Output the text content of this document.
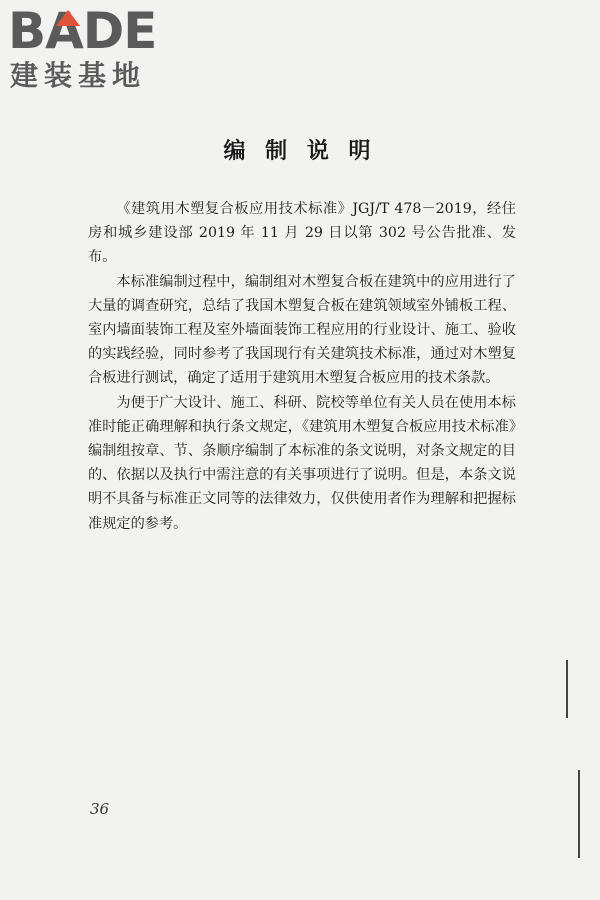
BADE
建装基地
编 制 说 明

《建筑用木塑复合板应用技术标准》JGJ/T 478－2019，经住房和城乡建设部 2019 年 11 月 29 日以第 302 号公告批准、发布。

本标准编制过程中，编制组对木塑复合板在建筑中的应用进行了大量的调查研究，总结了我国木塑复合板在建筑领域室外铺板工程、室内墙面装饰工程及室外墙面装饰工程应用的行业设计、施工、验收的实践经验，同时参考了我国现行有关建筑技术标准，通过对木塑复合板进行测试，确定了适用于建筑用木塑复合板应用的技术条款。

为便于广大设计、施工、科研、院校等单位有关人员在使用本标准时能正确理解和执行条文规定，《建筑用木塑复合板应用技术标准》编制组按章、节、条顺序编制了本标准的条文说明，对条文规定的目的、依据以及执行中需注意的有关事项进行了说明。但是，本条文说明不具备与标准正文同等的法律效力，仅供使用者作为理解和把握标准规定的参考。

36
